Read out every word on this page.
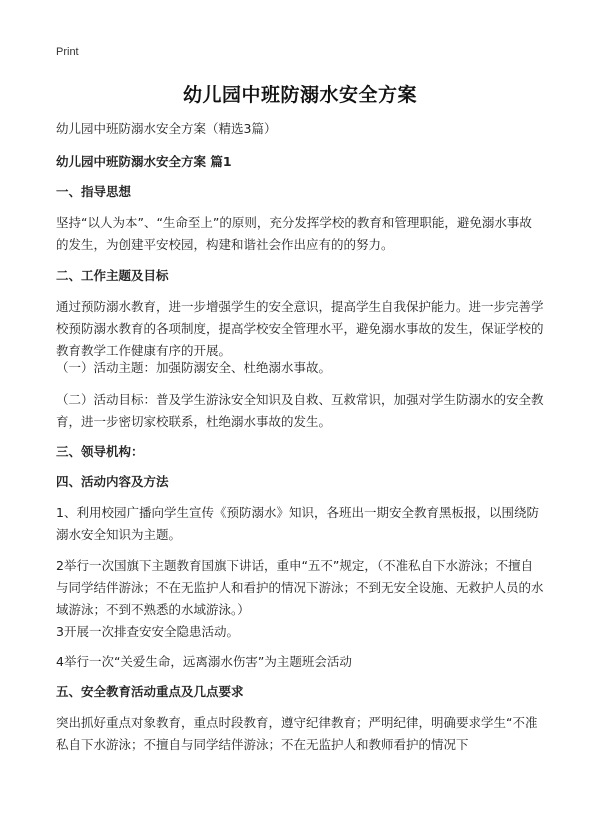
Print
幼儿园中班防溺水安全方案
幼儿园中班防溺水安全方案（精选3篇）
幼儿园中班防溺水安全方案 篇1
一、指导思想
坚持“以人为本”、“生命至上”的原则，充分发挥学校的教育和管理职能，避免溺水事故的发生，为创建平安校园，构建和谐社会作出应有的的努力。
二、工作主题及目标
通过预防溺水教育，进一步增强学生的安全意识，提高学生自我保护能力。进一步完善学校预防溺水教育的各项制度，提高学校安全管理水平，避免溺水事故的发生，保证学校的教育教学工作健康有序的开展。
（一）活动主题：加强防溺安全、杜绝溺水事故。
（二）活动目标：普及学生游泳安全知识及自救、互救常识，加强对学生防溺水的安全教育，进一步密切家校联系，杜绝溺水事故的发生。
三、领导机构：
四、活动内容及方法
1、利用校园广播向学生宣传《预防溺水》知识，各班出一期安全教育黑板报，以围绕防溺水安全知识为主题。
2举行一次国旗下主题教育国旗下讲话，重申“五不”规定，（不准私自下水游泳；不擅自与同学结伴游泳；不在无监护人和看护的情况下游泳；不到无安全设施、无救护人员的水域游泳；不到不熟悉的水域游泳。）
3开展一次排查安安全隐患活动。
4举行一次“关爱生命，远离溺水伤害”为主题班会活动
五、安全教育活动重点及几点要求
突出抓好重点对象教育，重点时段教育，遵守纪律教育；严明纪律，明确要求学生“不准私自下水游泳；不擅自与同学结伴游泳；不在无监护人和教师看护的情况下
